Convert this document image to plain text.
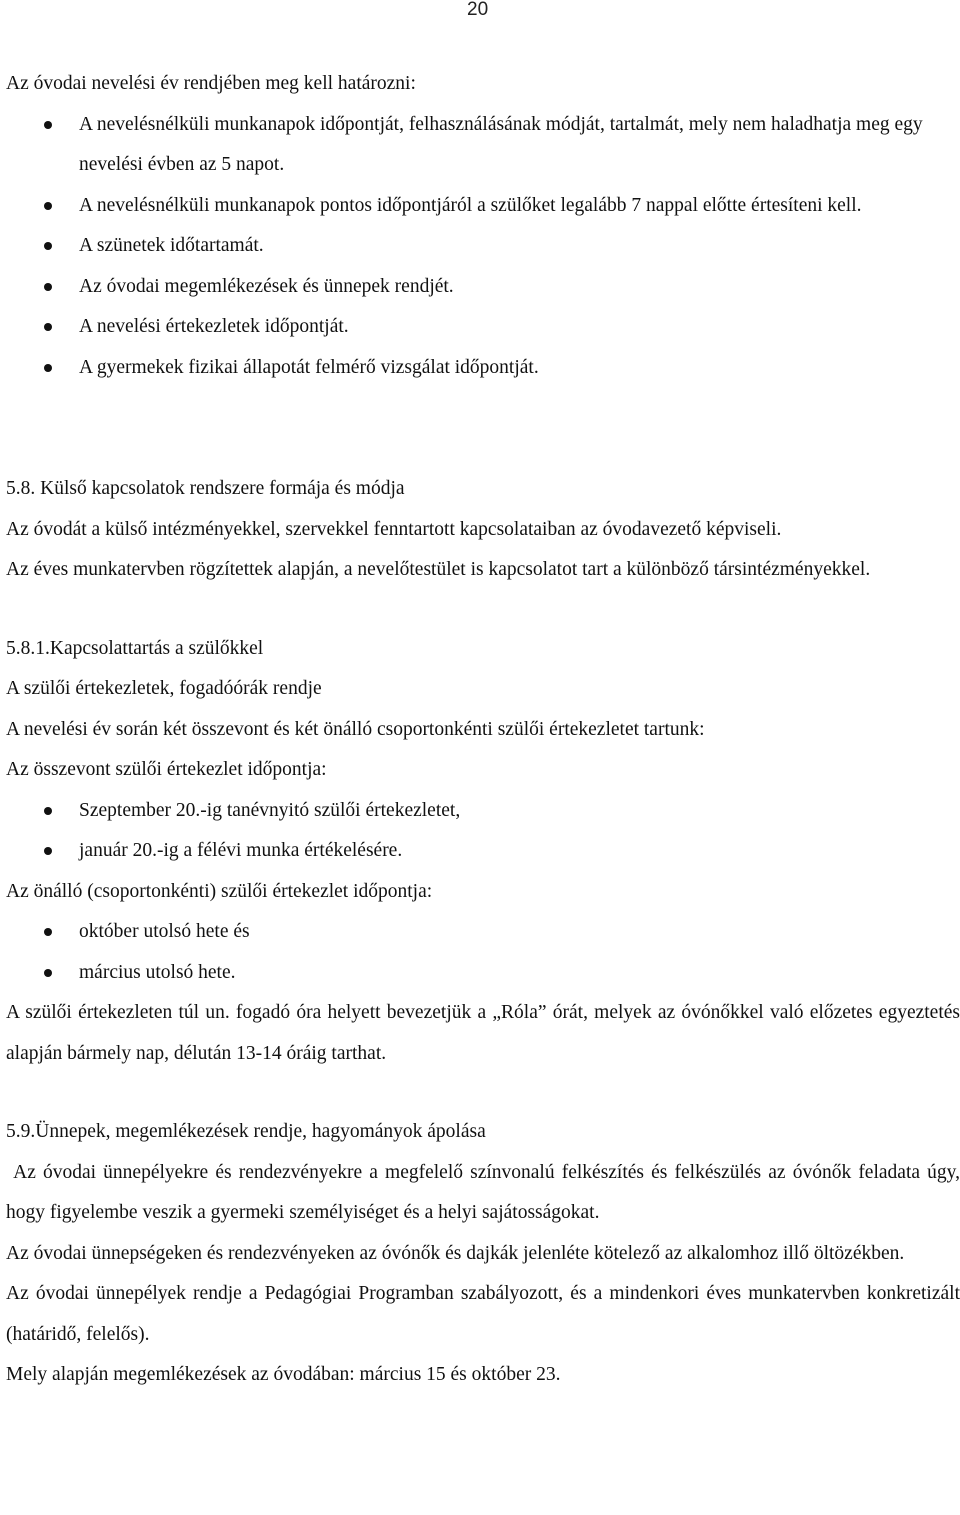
20

Az óvodai nevelési év rendjében meg kell határozni:

A nevelésnélküli munkanapok időpontját, felhasználásának módját, tartalmát, mely nem haladhatja meg egy nevelési évben az 5 napot.
A nevelésnélküli munkanapok pontos időpontjáról a szülőket legalább 7 nappal előtte értesíteni kell.
A szünetek időtartamát.
Az óvodai megemlékezések és ünnepek rendjét.
A nevelési értekezletek időpontját.
A gyermekek fizikai állapotát felmérő vizsgálat időpontját.

5.8. Külső kapcsolatok rendszere formája és módja

Az óvodát a külső intézményekkel, szervekkel fenntartott kapcsolataiban az óvodavezető képviseli.

Az éves munkatervben rögzítettek alapján, a nevelőtestület is kapcsolatot tart a különböző társintézményekkel.

5.8.1.Kapcsolattartás a szülőkkel

A szülői értekezletek, fogadóórák rendje

A nevelési év során két összevont és két önálló csoportonkénti szülői értekezletet tartunk:

Az összevont szülői értekezlet időpontja:

Szeptember 20.-ig tanévnyitó szülői értekezletet,
január 20.-ig a félévi munka értékelésére.

Az önálló (csoportonkénti) szülői értekezlet időpontja:

október utolsó hete és
március utolsó hete.

A szülői értekezleten túl un. fogadó óra helyett bevezetjük a „Róla” órát, melyek az óvónőkkel való előzetes egyeztetés alapján bármely nap, délután 13-14 óráig tarthat.

5.9.Ünnepek, megemlékezések rendje, hagyományok ápolása

Az óvodai ünnepélyekre és rendezvényekre a megfelelő színvonalú felkészítés és felkészülés az óvónők feladata úgy, hogy figyelembe veszik a gyermeki személyiséget és a helyi sajátosságokat.

Az óvodai ünnepségeken és rendezvényeken az óvónők és dajkák jelenléte kötelező az alkalomhoz illő öltözékben.

Az óvodai ünnepélyek rendje a Pedagógiai Programban szabályozott, és a mindenkori éves munkatervben konkretizált (határidő, felelős).

Mely alapján megemlékezések az óvodában: március 15 és október 23.
